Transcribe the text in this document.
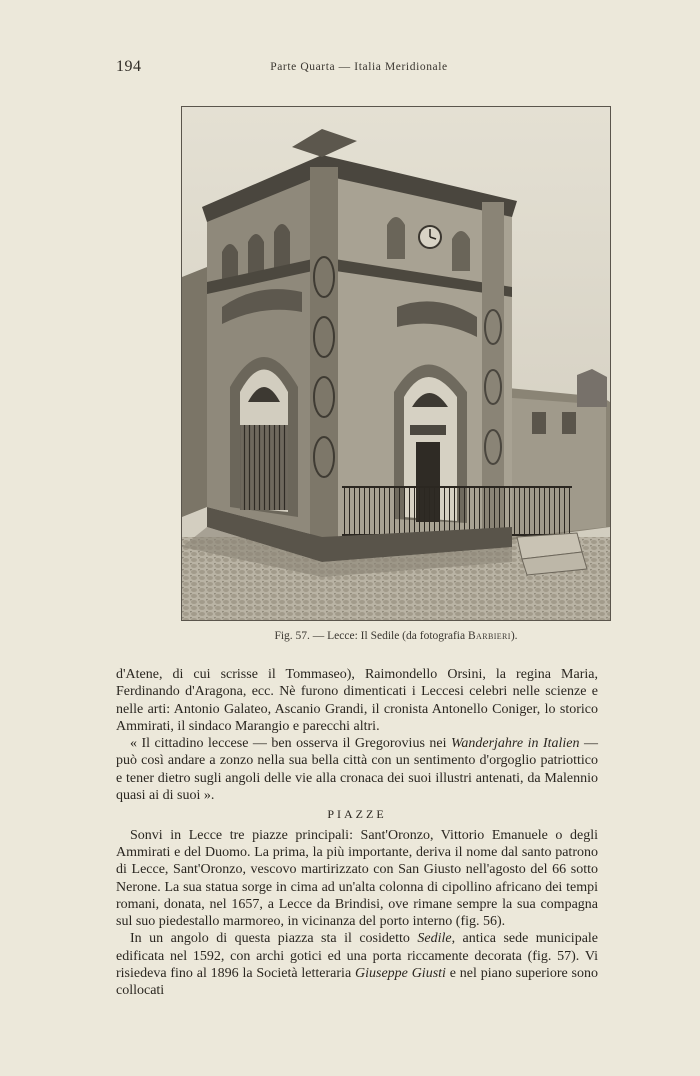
194	Parte Quarta — Italia Meridionale
Fig. 57. — Lecce: Il Sedile (da fotografia Barbieri).

d'Atene, di cui scrisse il Tommaseo), Raimondello Orsini, la regina Maria, Ferdinando d'Aragona, ecc. Nè furono dimenticati i Leccesi celebri nelle scienze e nelle arti: Antonio Galateo, Ascanio Grandi, il cronista Antonello Coniger, lo storico Ammirati, il sindaco Marangio e parecchi altri.

« Il cittadino leccese — ben osserva il Gregorovius nei Wanderjahre in Italien — può così andare a zonzo nella sua bella città con un sentimento d'orgoglio patriottico e tener dietro sugli angoli delle vie alla cronaca dei suoi illustri antenati, da Malennio quasi ai di suoi ».

PIAZZE

Sonvi in Lecce tre piazze principali: Sant'Oronzo, Vittorio Emanuele o degli Ammirati e del Duomo. La prima, la più importante, deriva il nome dal santo patrono di Lecce, Sant'Oronzo, vescovo martirizzato con San Giusto nell'agosto del 66 sotto Nerone. La sua statua sorge in cima ad un'alta colonna di cipollino africano dei tempi romani, donata, nel 1657, a Lecce da Brindisi, ove rimane sempre la sua compagna sul suo piedestallo marmoreo, in vicinanza del porto interno (fig. 56).

In un angolo di questa piazza sta il cosidetto Sedile, antica sede municipale edificata nel 1592, con archi gotici ed una porta riccamente decorata (fig. 57). Vi risiedeva fino al 1896 la Società letteraria Giuseppe Giusti e nel piano superiore sono collocati
